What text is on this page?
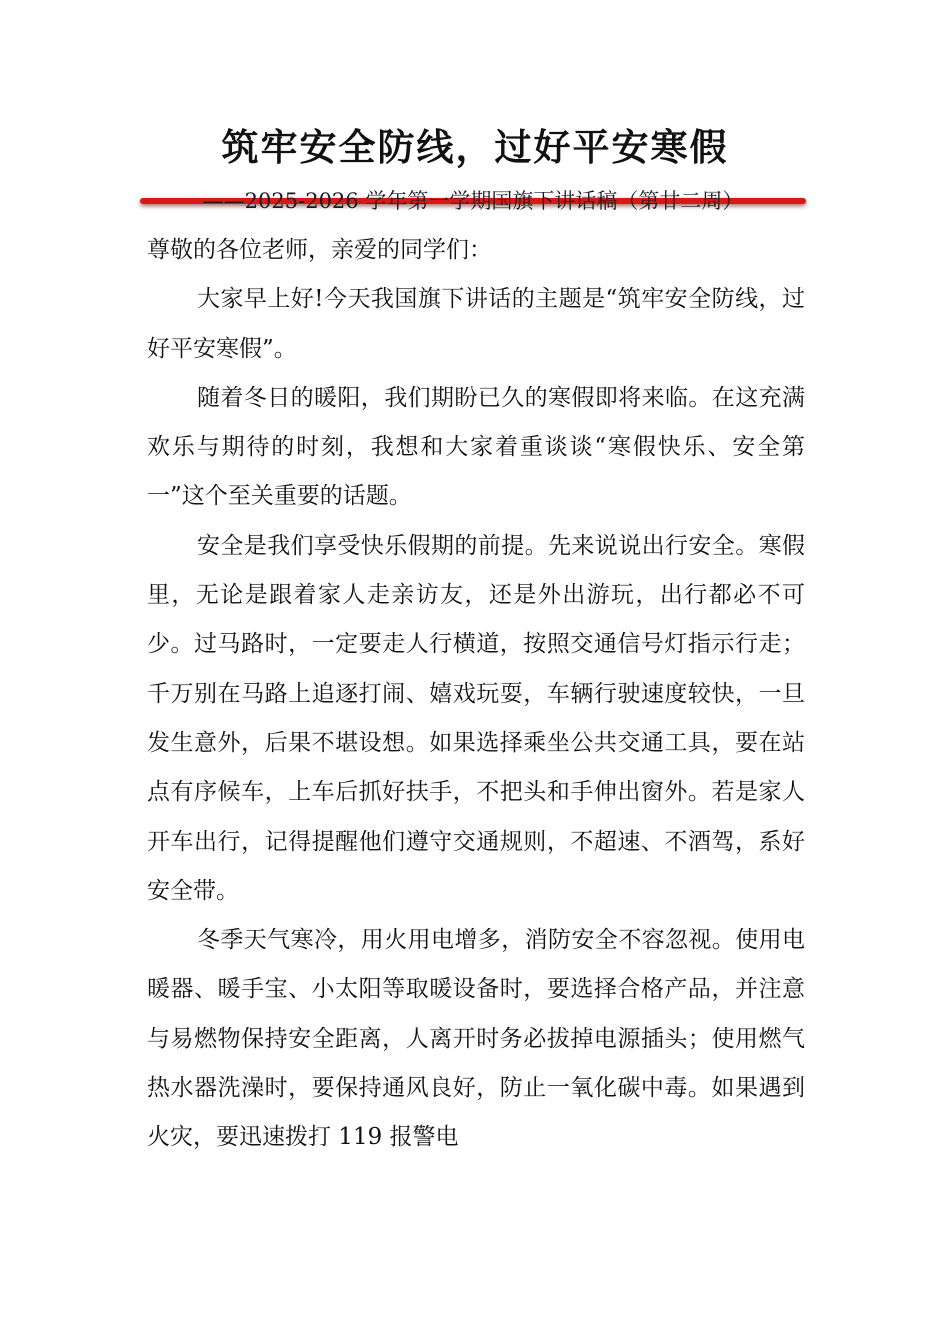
筑牢安全防线，过好平安寒假
——2025-2026 学年第一学期国旗下讲话稿（第廿二周）

尊敬的各位老师，亲爱的同学们：

大家早上好!今天我国旗下讲话的主题是“筑牢安全防线，过好平安寒假”。

随着冬日的暖阳，我们期盼已久的寒假即将来临。在这充满欢乐与期待的时刻，我想和大家着重谈谈“寒假快乐、安全第一”这个至关重要的话题。

安全是我们享受快乐假期的前提。先来说说出行安全。寒假里，无论是跟着家人走亲访友，还是外出游玩，出行都必不可少。过马路时，一定要走人行横道，按照交通信号灯指示行走；千万别在马路上追逐打闹、嬉戏玩耍，车辆行驶速度较快，一旦发生意外，后果不堪设想。如果选择乘坐公共交通工具，要在站点有序候车，上车后抓好扶手，不把头和手伸出窗外。若是家人开车出行，记得提醒他们遵守交通规则，不超速、不酒驾，系好安全带。

冬季天气寒冷，用火用电增多，消防安全不容忽视。使用电暖器、暖手宝、小太阳等取暖设备时，要选择合格产品，并注意与易燃物保持安全距离，人离开时务必拔掉电源插头；使用燃气热水器洗澡时，要保持通风良好，防止一氧化碳中毒。如果遇到火灾，要迅速拨打 119 报警电
